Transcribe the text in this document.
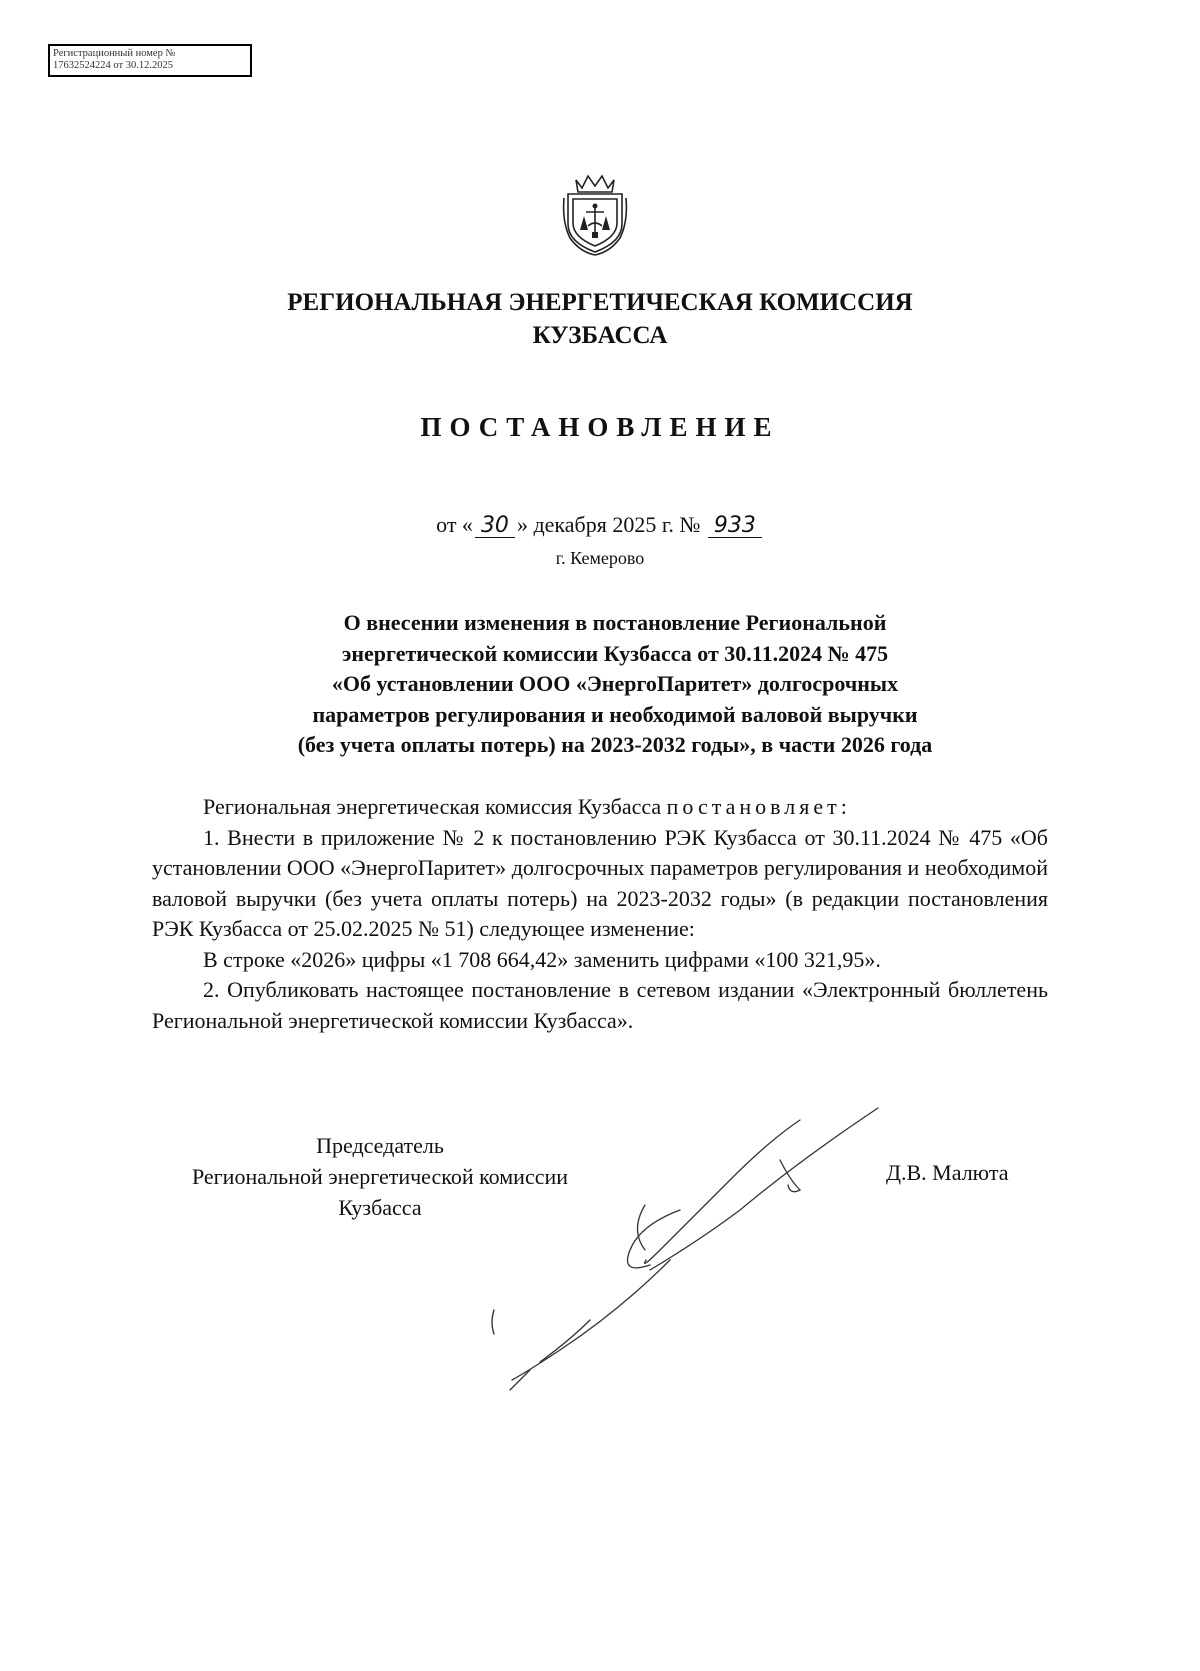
Регистрационный номер №
17632524224 от 30.12.2025
РЕГИОНАЛЬНАЯ ЭНЕРГЕТИЧЕСКАЯ КОМИССИЯ
КУЗБАССА
ПОСТАНОВЛЕНИЕ
от « 30 » декабря 2025 г. № 933
г. Кемерово
О внесении изменения в постановление Региональной
энергетической комиссии Кузбасса от 30.11.2024 № 475
«Об установлении ООО «ЭнергоПаритет» долгосрочных
параметров регулирования и необходимой валовой выручки
(без учета оплаты потерь) на 2023-2032 годы», в части 2026 года

Региональная энергетическая комиссия Кузбасса постановляет:

1. Внести в приложение № 2 к постановлению РЭК Кузбасса от 30.11.2024 № 475 «Об установлении ООО «ЭнергоПаритет» долгосрочных параметров регулирования и необходимой валовой выручки (без учета оплаты потерь) на 2023-2032 годы» (в редакции постановления РЭК Кузбасса от 25.02.2025 № 51) следующее изменение:

В строке «2026» цифры «1 708 664,42» заменить цифрами «100 321,95».

2. Опубликовать настоящее постановление в сетевом издании «Электронный бюллетень Региональной энергетической комиссии Кузбасса».

Председатель
Региональной энергетической комиссии
Кузбасса
Д.В. Малюта
